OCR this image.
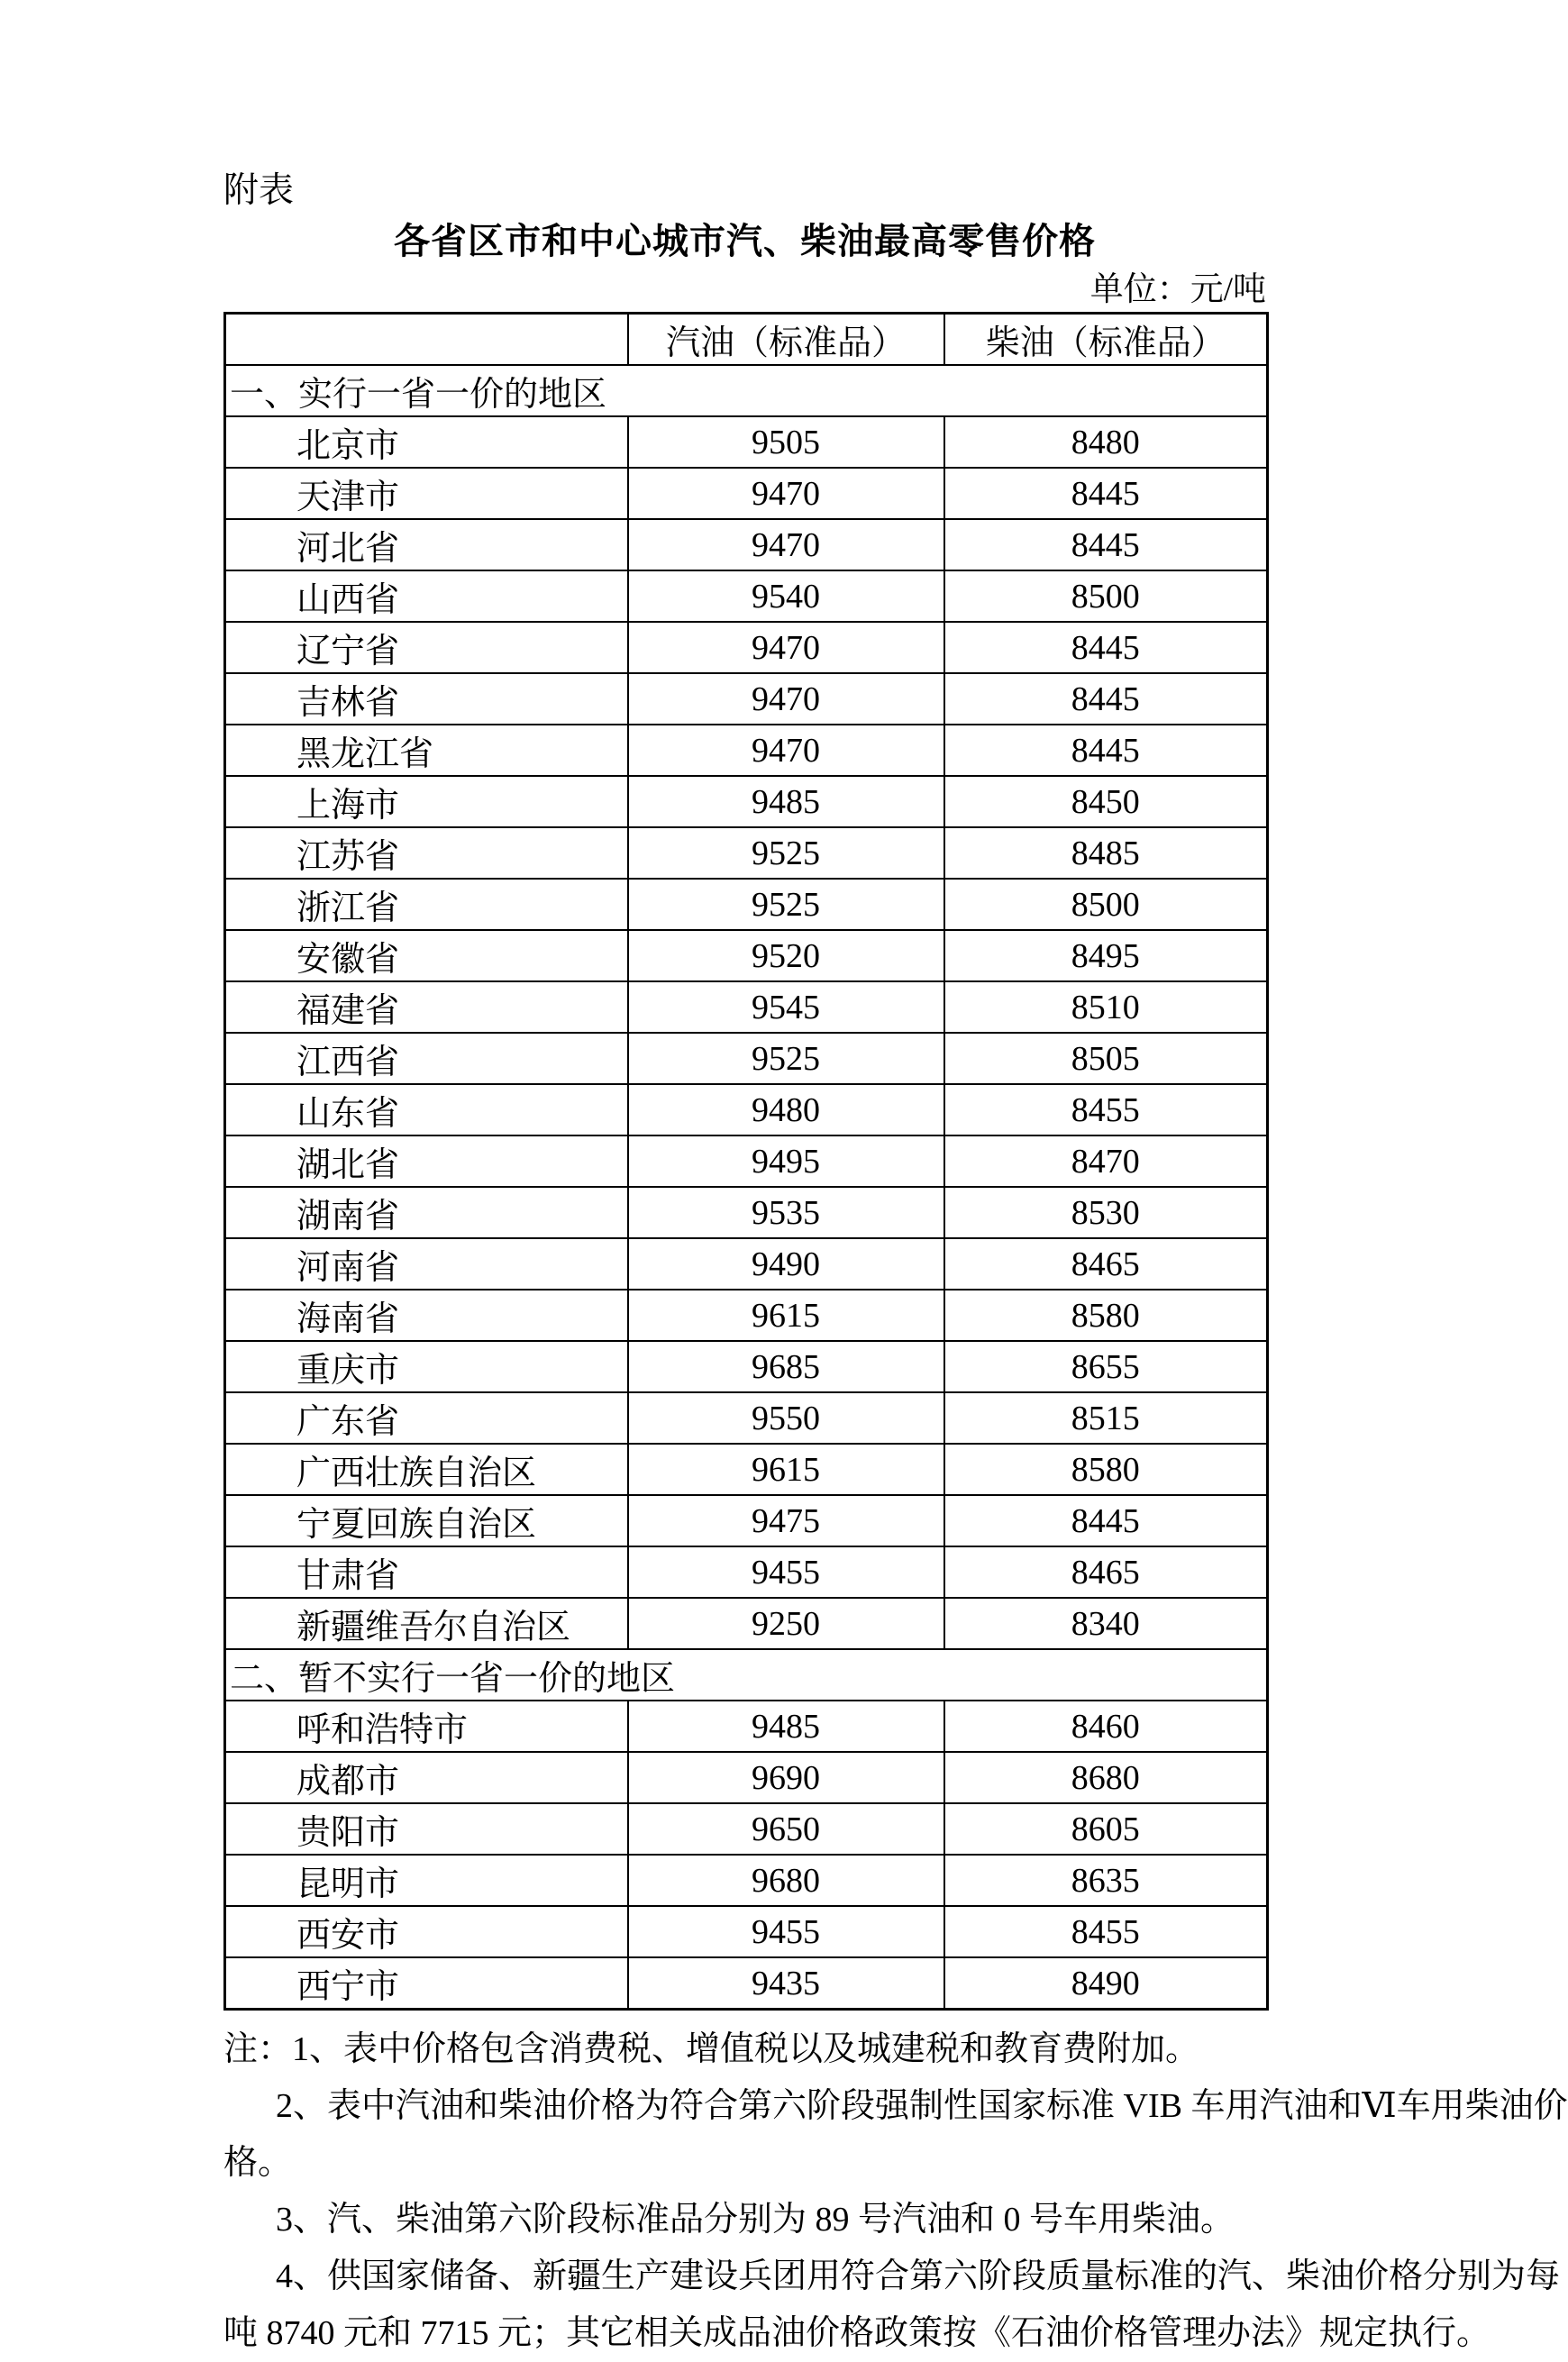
附表
各省区市和中心城市汽、柴油最高零售价格
单位：元/吨
	汽油（标准品）	柴油（标准品）
一、实行一省一价的地区		
北京市	9505	8480
天津市	9470	8445
河北省	9470	8445
山西省	9540	8500
辽宁省	9470	8445
吉林省	9470	8445
黑龙江省	9470	8445
上海市	9485	8450
江苏省	9525	8485
浙江省	9525	8500
安徽省	9520	8495
福建省	9545	8510
江西省	9525	8505
山东省	9480	8455
湖北省	9495	8470
湖南省	9535	8530
河南省	9490	8465
海南省	9615	8580
重庆市	9685	8655
广东省	9550	8515
广西壮族自治区	9615	8580
宁夏回族自治区	9475	8445
甘肃省	9455	8465
新疆维吾尔自治区	9250	8340
二、暂不实行一省一价的地区		
呼和浩特市	9485	8460
成都市	9690	8680
贵阳市	9650	8605
昆明市	9680	8635
西安市	9455	8455
西宁市	9435	8490
注：1、表中价格包含消费税、增值税以及城建税和教育费附加。
2、表中汽油和柴油价格为符合第六阶段强制性国家标准 VIB 车用汽油和Ⅵ车用柴油价
格。
3、汽、柴油第六阶段标准品分别为 89 号汽油和 0 号车用柴油。
4、供国家储备、新疆生产建设兵团用符合第六阶段质量标准的汽、柴油价格分别为每
吨 8740 元和 7715 元；其它相关成品油价格政策按《石油价格管理办法》规定执行。
